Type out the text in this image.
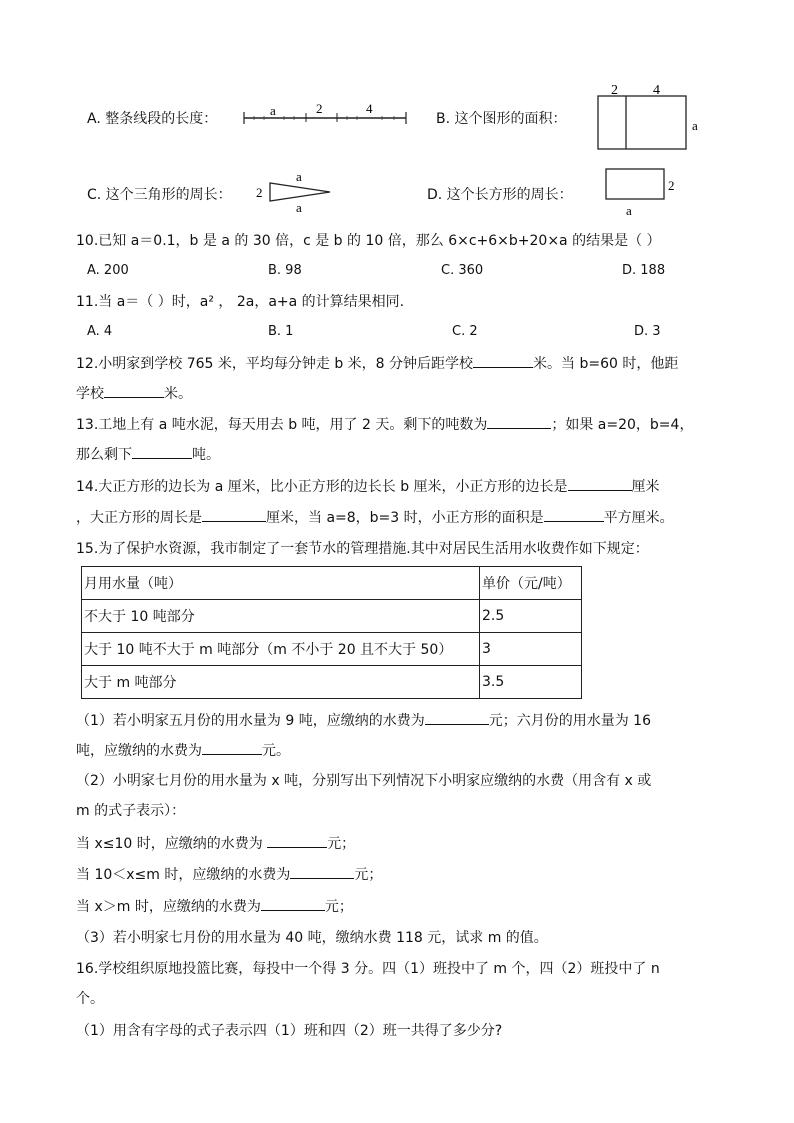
A. 整条线段的长度：
a	2	4
B. 这个图形的面积：
2	4
a
C. 这个三角形的周长： 2
a
a
D. 这个长方形的周长：
2
a
10.已知 a＝0.1，b 是 a 的 30 倍，c 是 b 的 10 倍，那么 6×c+6×b+20×a 的结果是（ ）
A. 200	B. 98	C. 360	D. 188
11.当 a＝（ ）时，a² ， 2a，a+a 的计算结果相同.
A. 4	B. 1	C. 2	D. 3
12.小明家到学校 765 米，平均每分钟走 b 米，8 分钟后距学校	米。当 b=60 时，他距
学校	米。
13.工地上有 a 吨水泥，每天用去 b 吨，用了 2 天。剩下的吨数为	；如果 a=20，b=4，
那么剩下	吨。
14.大正方形的边长为 a 厘米，比小正方形的边长长 b 厘米，小正方形的边长是	厘米
，大正方形的周长是	厘米，当 a=8，b=3 时，小正方形的面积是	平方厘米。
15.为了保护水资源，我市制定了一套节水的管理措施.其中对居民生活用水收费作如下规定：
月用水量（吨）	单价（元/吨）
不大于 10 吨部分	2.5
大于 10 吨不大于 m 吨部分（m 不小于 20 且不大于 50）	3
大于 m 吨部分	3.5
（1）若小明家五月份的用水量为 9 吨，应缴纳的水费为	元；六月份的用水量为 16
吨，应缴纳的水费为	元。
（2）小明家七月份的用水量为 x 吨，分别写出下列情况下小明家应缴纳的水费（用含有 x 或
m 的式子表示）：
当 x≤10 时，应缴纳的水费为	元；
当 10＜x≤m 时，应缴纳的水费为	元；
当 x＞m 时，应缴纳的水费为	元；
（3）若小明家七月份的用水量为 40 吨，缴纳水费 118 元，试求 m 的值。
16.学校组织原地投篮比赛，每投中一个得 3 分。四（1）班投中了 m 个，四（2）班投中了 n
个。
（1）用含有字母的式子表示四（1）班和四（2）班一共得了多少分?
